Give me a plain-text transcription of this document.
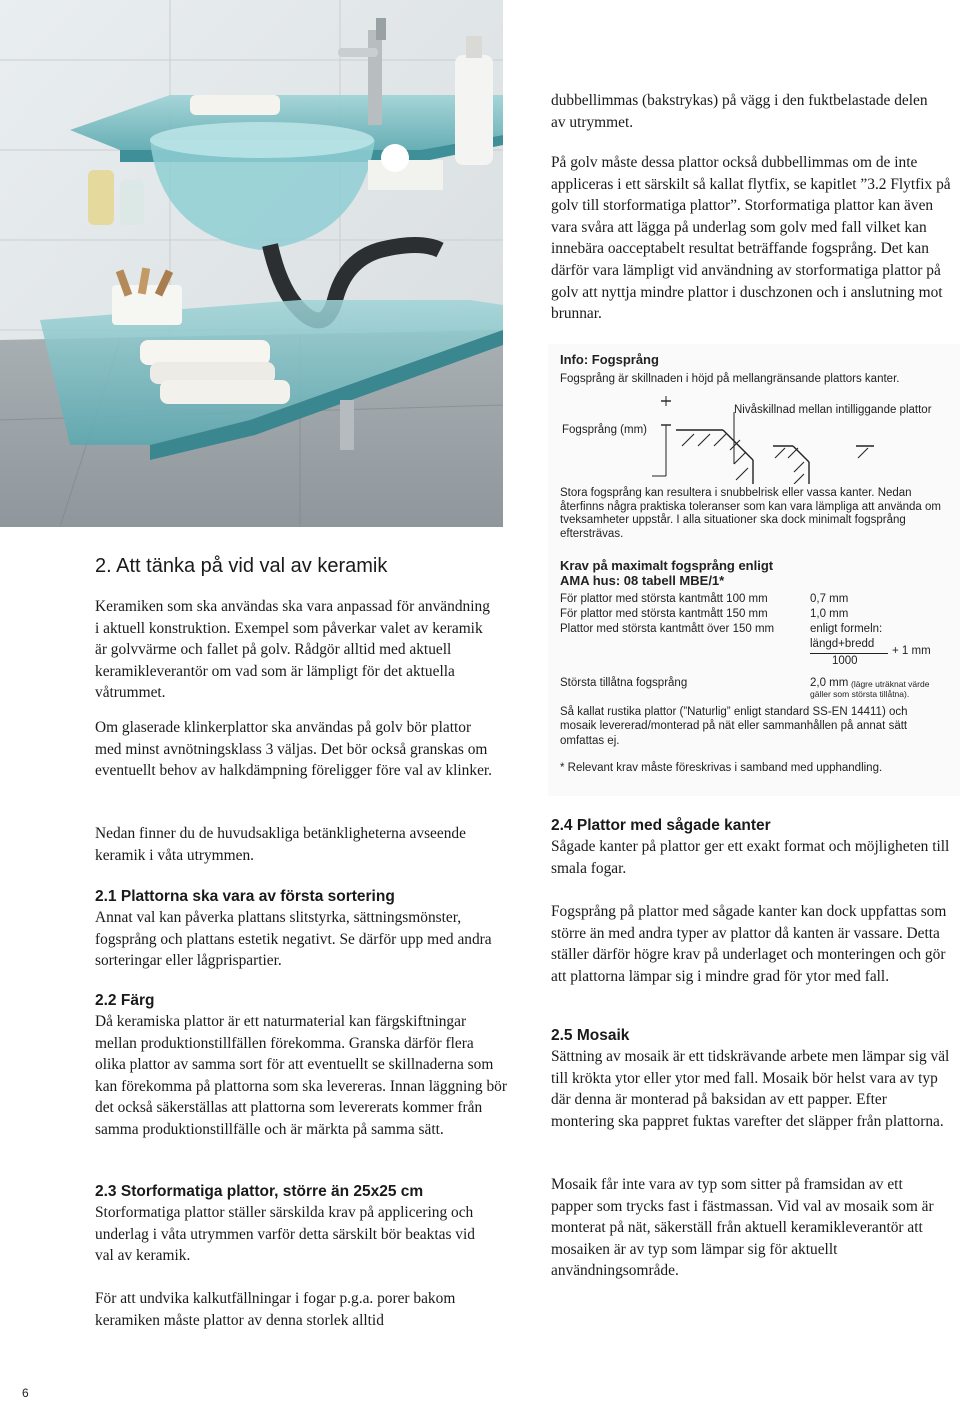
dubbellimmas (bakstrykas) på vägg i den fuktbelastade delen av utrymmet.

På golv måste dessa plattor också dubbellimmas om de inte appliceras i ett särskilt så kallat flytfix, se kapitlet ”3.2 Flytfix på golv till storformatiga plattor”. Storformatiga plattor kan även vara svåra att lägga på underlag som golv med fall vilket kan innebära oacceptabelt resultat beträffande fogsprång. Det kan därför vara lämpligt vid användning av storformatiga plattor på golv att nyttja mindre plattor i duschzonen och i anslutning mot brunnar.

Info: Fogsprång
Fogsprång är skillnaden i höjd på mellangränsande plattors kanter.
Fogsprång (mm)
Nivåskillnad mellan intilliggande plattor
Stora fogsprång kan resultera i snubbelrisk eller vassa kanter. Nedan återfinns några praktiska toleranser som kan vara lämpliga att använda om tveksamheter uppstår. I alla situationer ska dock minimalt fogsprång eftersträvas.
Krav på maximalt fogsprång enligt
AMA hus: 08 tabell MBE/1*
För plattor med största kantmått 100 mm	0,7 mm
För plattor med största kantmått 150 mm	1,0 mm
Plattor med största kantmått över 150 mm	enligt formeln:
längd+bredd
1000
+ 1 mm
Största tillåtna fogsprång	2,0 mm (lägre uträknat värde
gäller som största tillåtna).
Så kallat rustika plattor (”Naturlig” enligt standard SS-EN 14411) och mosaik levererad/monterad på nät eller sammanhållen på annat sätt omfattas ej.
* Relevant krav måste föreskrivas i samband med upphandling.
2. Att tänka på vid val av keramik

Keramiken som ska användas ska vara anpassad för användning i aktuell konstruktion. Exempel som påverkar valet av keramik är golvvärme och fallet på golv. Rådgör alltid med aktuell keramikleverantör om vad som är lämpligt för det aktuella våtrummet.

Om glaserade klinkerplattor ska användas på golv bör plattor med minst avnötningsklass 3 väljas. Det bör också granskas om eventuellt behov av halkdämpning föreligger före val av klinker.

Nedan finner du de huvudsakliga betänkligheterna avseende keramik i våta utrymmen.

2.1 Plattorna ska vara av första sortering

Annat val kan påverka plattans slitstyrka, sättningsmönster, fogsprång och plattans estetik negativt. Se därför upp med andra sorteringar eller lågprispartier.

2.2 Färg

Då keramiska plattor är ett naturmaterial kan färgskiftningar mellan produktionstillfällen förekomma. Granska därför flera olika plattor av samma sort för att eventuellt se skillnaderna som kan förekomma på plattorna som ska levereras. Innan läggning bör det också säkerställas att plattorna som levererats kommer från samma produktionstillfälle och är märkta på samma sätt.

2.3 Storformatiga plattor, större än 25x25 cm

Storformatiga plattor ställer särskilda krav på applicering och underlag i våta utrymmen varför detta särskilt bör beaktas vid val av keramik.

För att undvika kalkutfällningar i fogar p.g.a. porer bakom keramiken måste plattor av denna storlek alltid

2.4 Plattor med sågade kanter

Sågade kanter på plattor ger ett exakt format och möjligheten till smala fogar.

Fogsprång på plattor med sågade kanter kan dock uppfattas som större än med andra typer av plattor då kanten är vassare. Detta ställer därför högre krav på underlaget och monteringen och gör att plattorna lämpar sig i mindre grad för ytor med fall.

2.5 Mosaik

Sättning av mosaik är ett tidskrävande arbete men lämpar sig väl till krökta ytor eller ytor med fall. Mosaik bör helst vara av typ där denna är monterad på baksidan av ett papper. Efter montering ska pappret fuktas varefter det släpper från plattorna.

Mosaik får inte vara av typ som sitter på framsidan av ett papper som trycks fast i fästmassan. Vid val av mosaik som är monterat på nät, säkerställ från aktuell keramikleverantör att mosaiken är av typ som lämpar sig för aktuellt användningsområde.

6
